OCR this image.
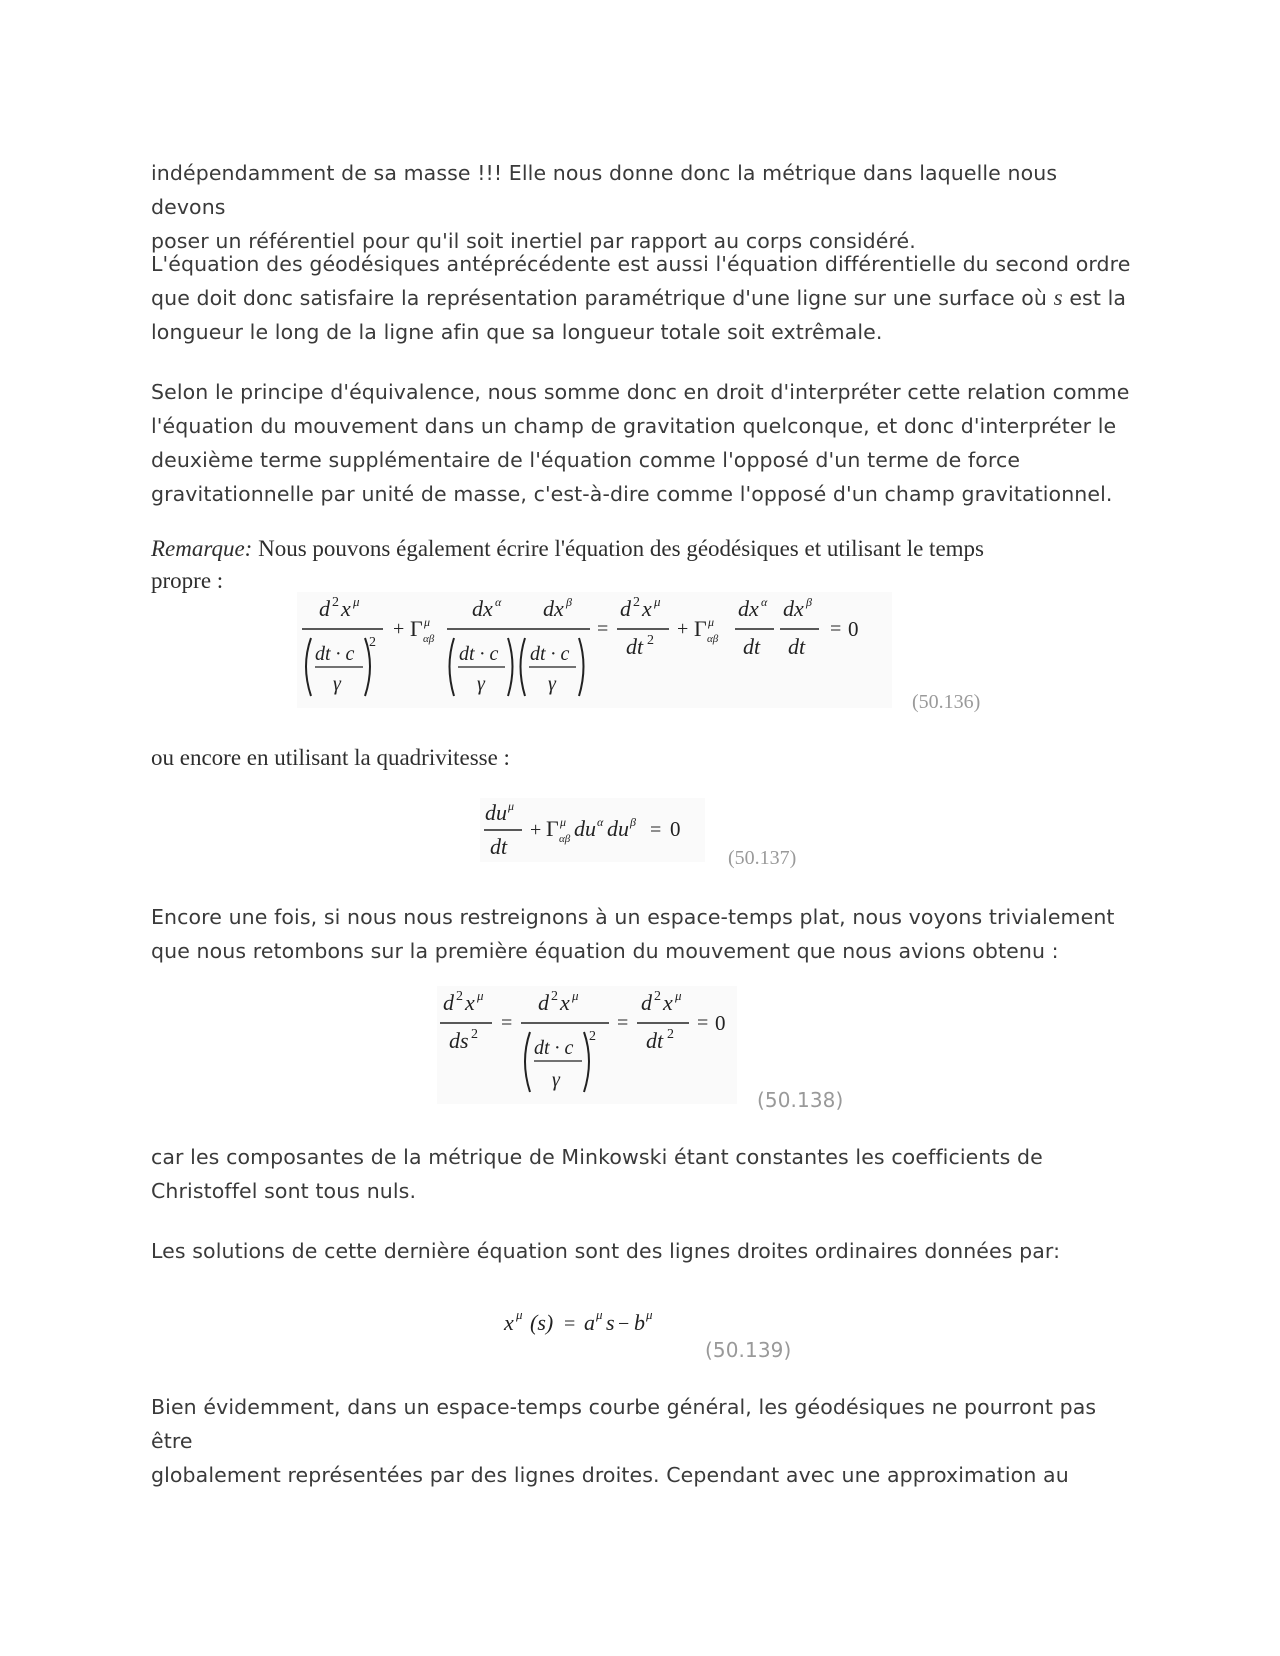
indépendamment de sa masse !!! Elle nous donne donc la métrique dans laquelle nous devons
poser un référentiel pour qu'il soit inertiel par rapport au corps considéré.

L'équation des géodésiques antéprécédente est aussi l'équation différentielle du second ordre
que doit donc satisfaire la représentation paramétrique d'une ligne sur une surface où s est la
longueur le long de la ligne afin que sa longueur totale soit extrêmale.

Selon le principe d'équivalence, nous somme donc en droit d'interpréter cette relation comme
l'équation du mouvement dans un champ de gravitation quelconque, et donc d'interpréter le
deuxième terme supplémentaire de l'équation comme l'opposé d'un terme de force
gravitationnelle par unité de masse, c'est-à-dire comme l'opposé d'un champ gravitationnel.

Remarque: Nous pouvons également écrire l'équation des géodésiques et utilisant le temps
propre :

d 2 x μ
dt · c
γ
2
+ Γ μ
αβ
dx α
dt · c
γ
dx β
dt · c
γ
=
d 2 x μ
dt 2
+ Γ μ
αβ
dx α
dt
dx β
dt
= 0
(50.136)

ou encore en utilisant la quadrivitesse :

du μ
dt
+ Γ μ
αβ du α du β = 0
(50.137)

Encore une fois, si nous nous restreignons à un espace-temps plat, nous voyons trivialement
que nous retombons sur la première équation du mouvement que nous avions obtenu :

d 2 x μ
ds 2
=
d 2 x μ
dt · c
γ
2
=
d 2 x μ
dt 2
= 0
(50.138)

car les composantes de la métrique de Minkowski étant constantes les coefficients de
Christoffel sont tous nuls.

Les solutions de cette dernière équation sont des lignes droites ordinaires données par:

x μ (s) = a μ s − b μ
(50.139)

Bien évidemment, dans un espace-temps courbe général, les géodésiques ne pourront pas être
globalement représentées par des lignes droites. Cependant avec une approximation au
